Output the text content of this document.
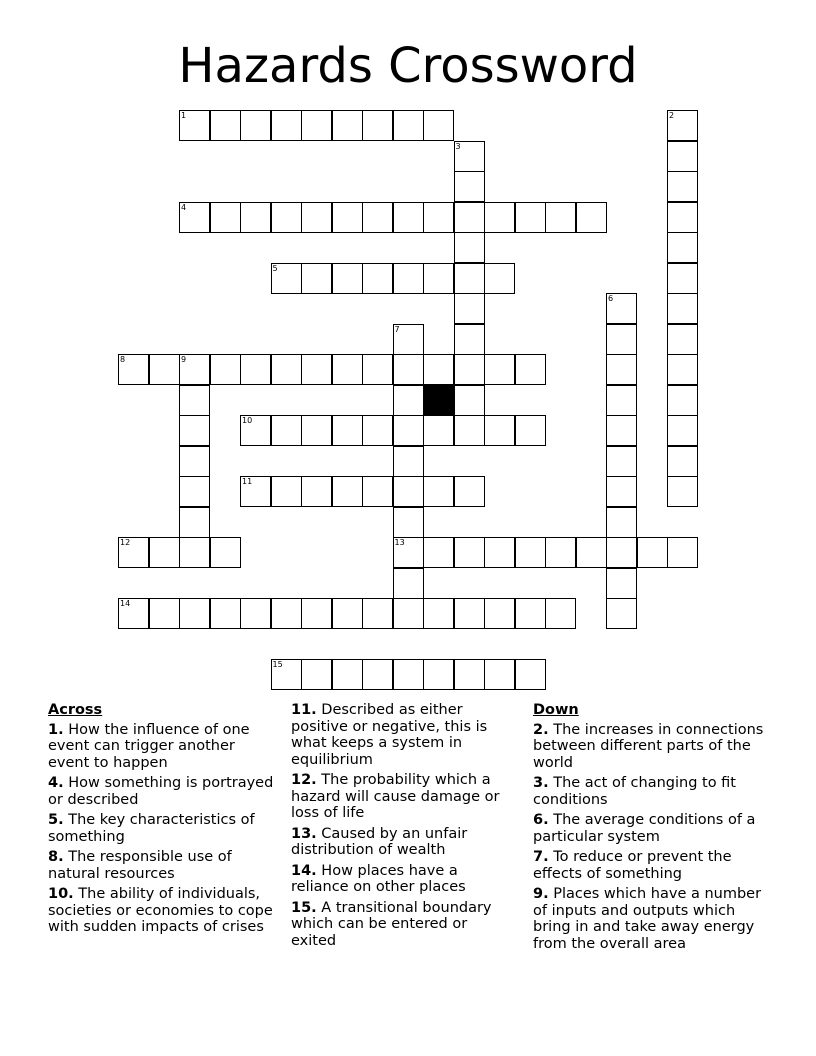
Hazards Crossword
1
4
5
8	9
10
11
12	13
14
15
2
3
6
7
Across
1. How the influence of one event can trigger another event to happen
4. How something is portrayed or described
5. The key characteristics of something
8. The responsible use of natural resources
10. The ability of individuals, societies or economies to cope with sudden impacts of crises
11. Described as either positive or negative, this is what keeps a system in equilibrium
12. The probability which a hazard will cause damage or loss of life
13. Caused by an unfair distribution of wealth
14. How places have a reliance on other places
15. A transitional boundary which can be entered or exited
Down
2. The increases in connections between different parts of the world
3. The act of changing to fit conditions
6. The average conditions of a particular system
7. To reduce or prevent the effects of something
9. Places which have a number of inputs and outputs which bring in and take away energy from the overall area
